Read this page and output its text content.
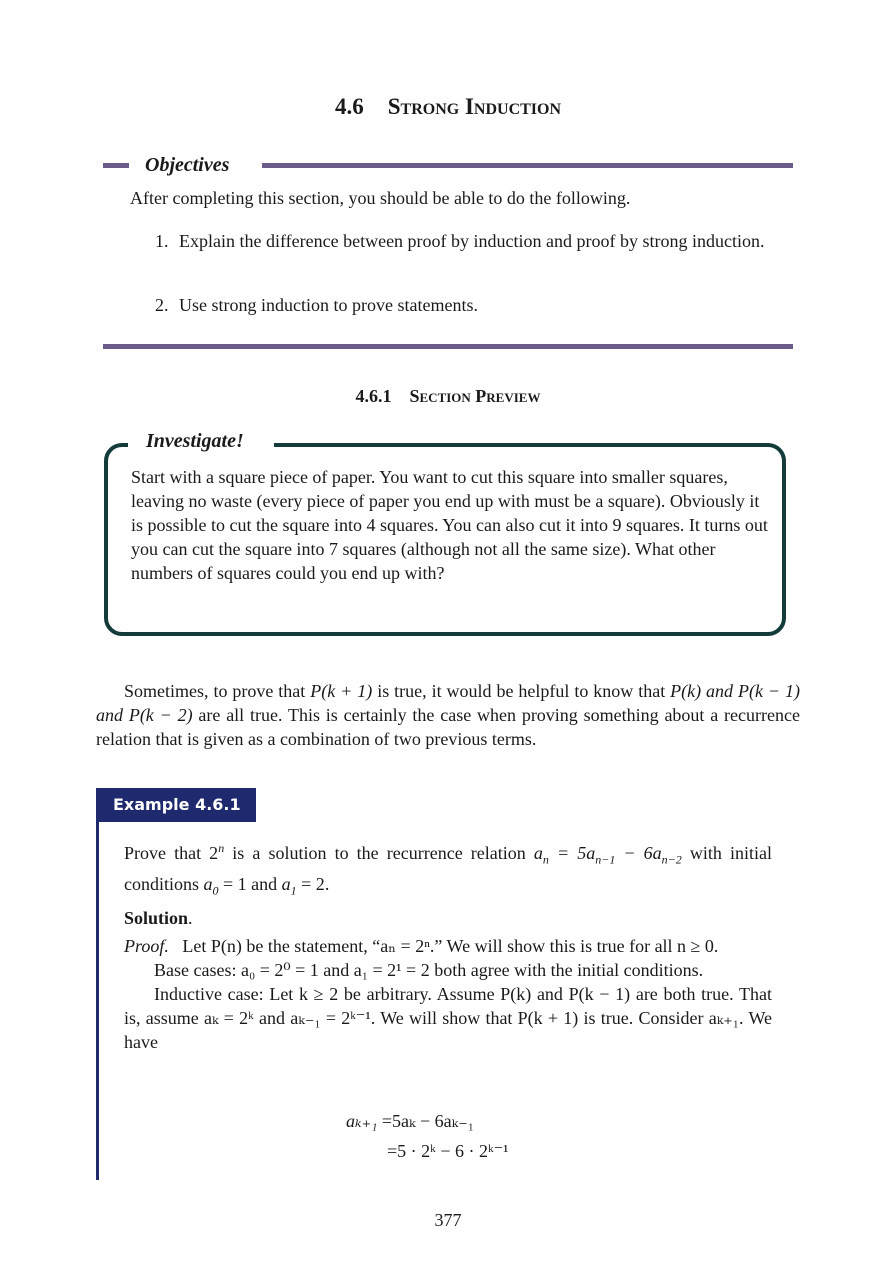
4.6 Strong Induction
Objectives
After completing this section, you should be able to do the following.
1. Explain the difference between proof by induction and proof by strong induction.
2. Use strong induction to prove statements.
4.6.1 Section Preview
Investigate!
Start with a square piece of paper. You want to cut this square into smaller squares, leaving no waste (every piece of paper you end up with must be a square). Obviously it is possible to cut the square into 4 squares. You can also cut it into 9 squares. It turns out you can cut the square into 7 squares (although not all the same size). What other numbers of squares could you end up with?
Sometimes, to prove that P(k + 1) is true, it would be helpful to know that P(k) and P(k − 1) and P(k − 2) are all true. This is certainly the case when proving something about a recurrence relation that is given as a combination of two previous terms.
Example 4.6.1

Prove that 2$^n$ is a solution to the recurrence relation $a_n = 5a_{n-1} - 6a_{n-2}$ with initial conditions $a_0 = 1$ and $a_1 = 2$.

Solution.

Proof. Let P(n) be the statement, “aₙ = 2ⁿ.” We will show this is true for all n ≥ 0.

Base cases: a₀ = 2⁰ = 1 and a₁ = 2¹ = 2 both agree with the initial conditions.

Inductive case: Let k ≥ 2 be arbitrary. Assume P(k) and P(k − 1) are both true. That is, assume aₖ = 2ᵏ and aₖ₋₁ = 2ᵏ⁻¹. We will show that P(k + 1) is true. Consider aₖ₊₁. We have

aₖ₊₁ =5aₖ − 6aₖ₋₁
=5 · 2ᵏ − 6 · 2ᵏ⁻¹
377
